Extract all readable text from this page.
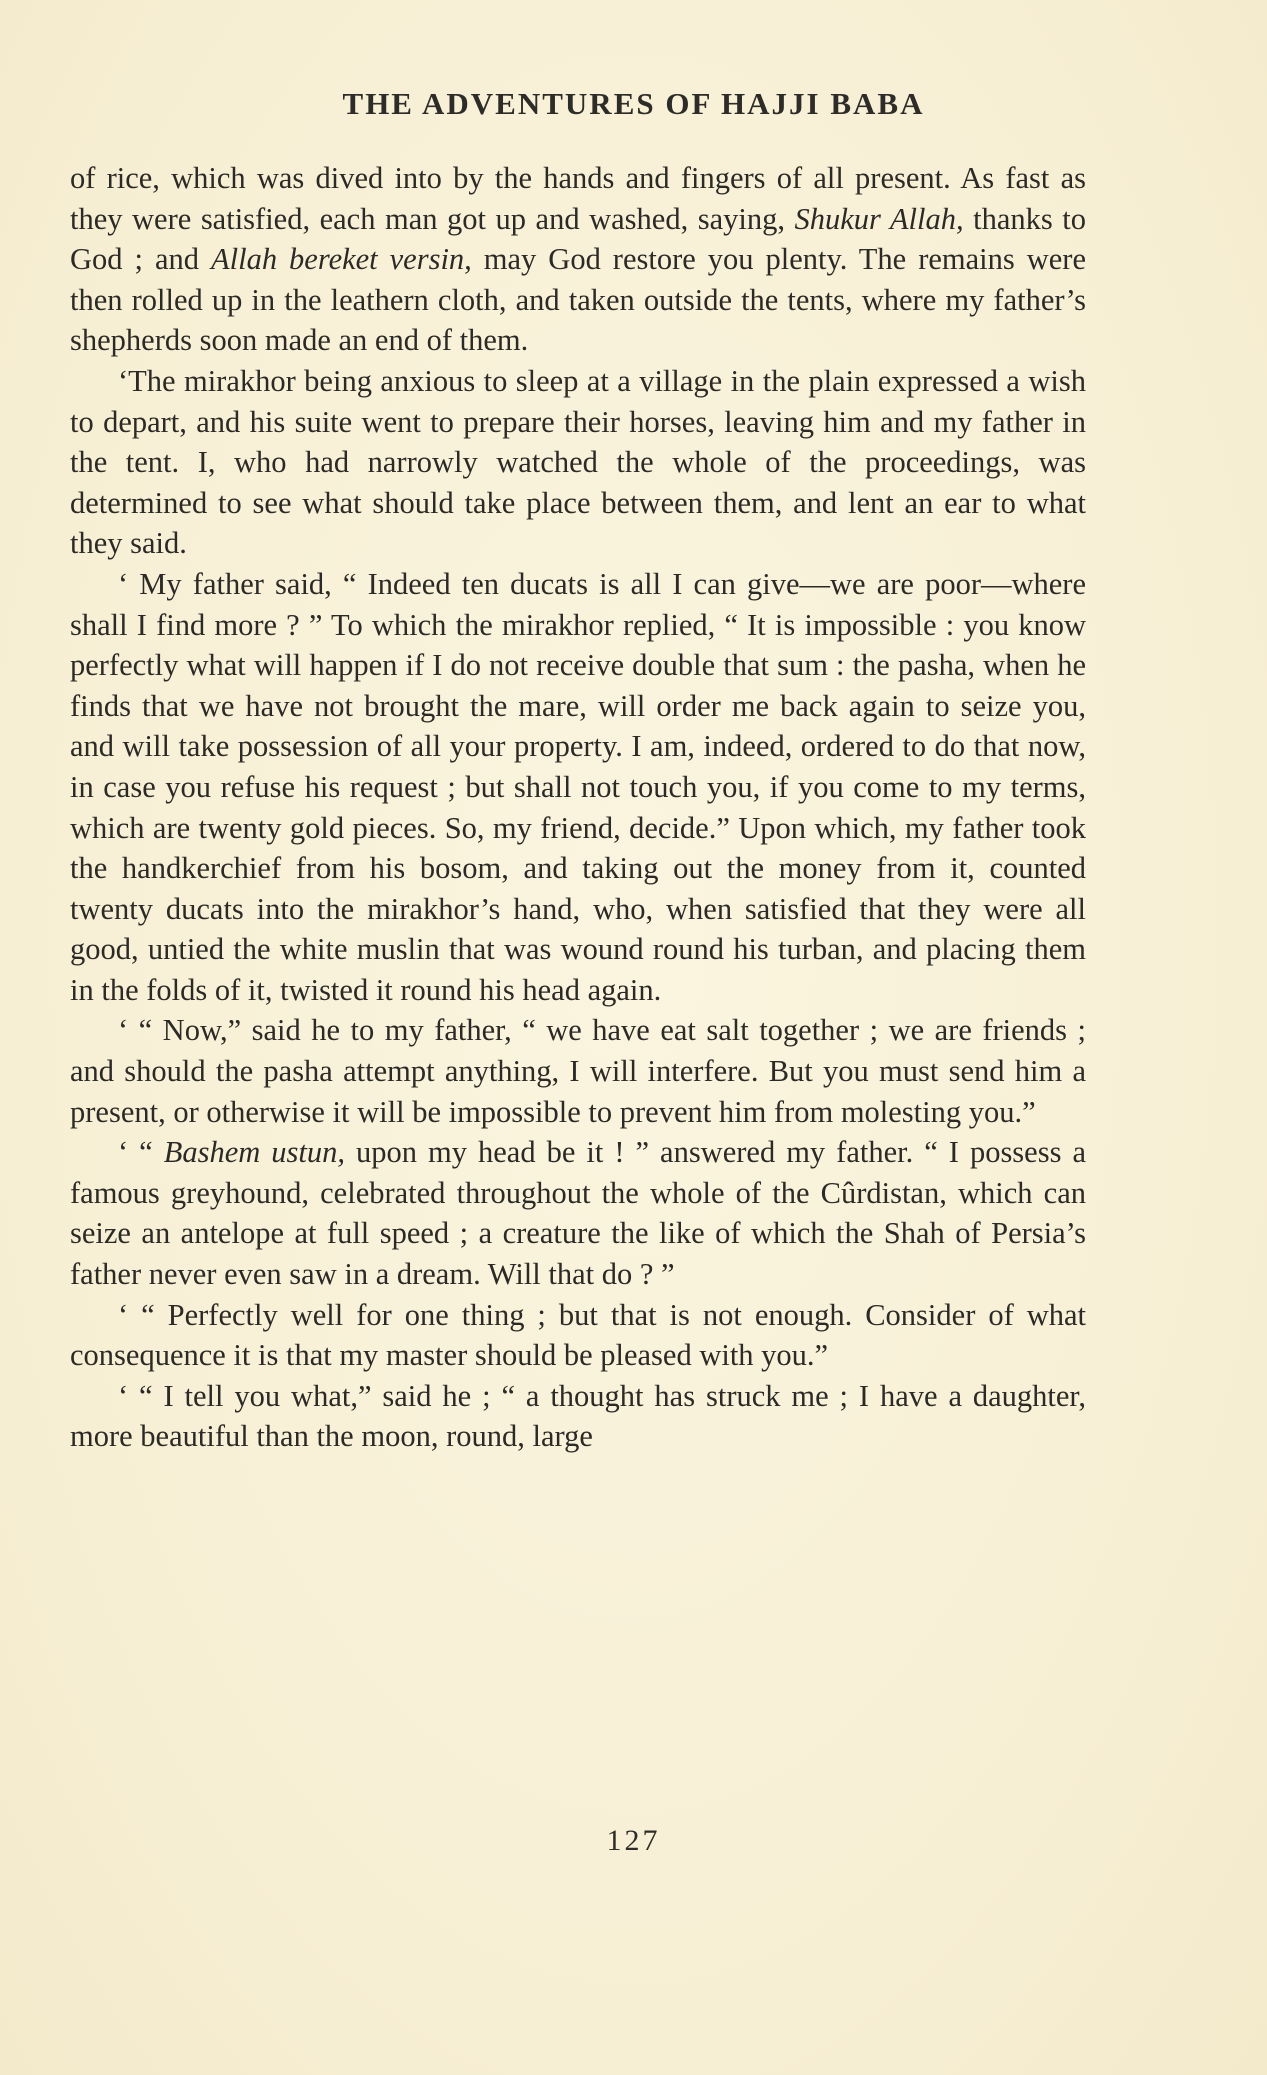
THE ADVENTURES OF HAJJI BABA

of rice, which was dived into by the hands and fingers of all present. As fast as they were satisfied, each man got up and washed, saying, Shukur Allah, thanks to God ; and Allah bereket versin, may God restore you plenty. The remains were then rolled up in the leathern cloth, and taken outside the tents, where my father’s shepherds soon made an end of them.

‘The mirakhor being anxious to sleep at a village in the plain expressed a wish to depart, and his suite went to prepare their horses, leaving him and my father in the tent. I, who had narrowly watched the whole of the proceedings, was determined to see what should take place between them, and lent an ear to what they said.

‘ My father said, “ Indeed ten ducats is all I can give—we are poor—where shall I find more ? ” To which the mirakhor replied, “ It is impossible : you know perfectly what will happen if I do not receive double that sum : the pasha, when he finds that we have not brought the mare, will order me back again to seize you, and will take possession of all your property. I am, indeed, ordered to do that now, in case you refuse his request ; but shall not touch you, if you come to my terms, which are twenty gold pieces. So, my friend, decide.” Upon which, my father took the handkerchief from his bosom, and taking out the money from it, counted twenty ducats into the mirakhor’s hand, who, when satisfied that they were all good, untied the white muslin that was wound round his turban, and placing them in the folds of it, twisted it round his head again.

‘ “ Now,” said he to my father, “ we have eat salt together ; we are friends ; and should the pasha attempt anything, I will interfere. But you must send him a present, or otherwise it will be impossible to prevent him from molesting you.”

‘ “ Bashem ustun, upon my head be it ! ” answered my father. “ I possess a famous greyhound, celebrated throughout the whole of the Cûrdistan, which can seize an antelope at full speed ; a creature the like of which the Shah of Persia’s father never even saw in a dream. Will that do ? ”

‘ “ Perfectly well for one thing ; but that is not enough. Consider of what consequence it is that my master should be pleased with you.”

‘ “ I tell you what,” said he ; “ a thought has struck me ; I have a daughter, more beautiful than the moon, round, large

127
